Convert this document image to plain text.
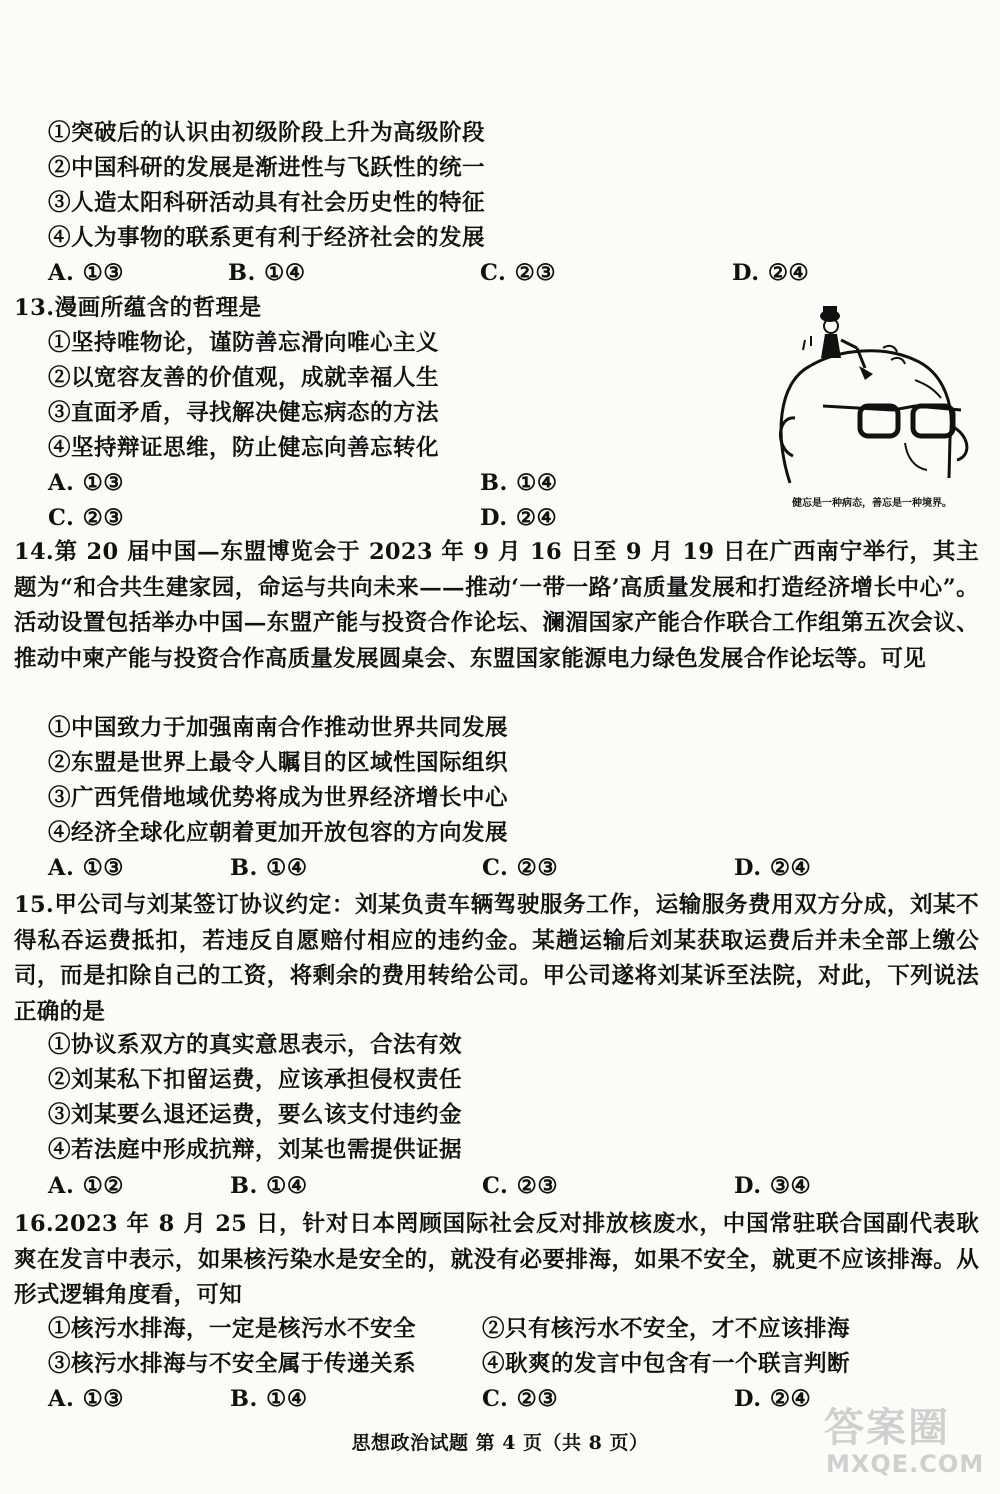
①突破后的认识由初级阶段上升为高级阶段
②中国科研的发展是渐进性与飞跃性的统一
③人造太阳科研活动具有社会历史性的特征
④人为事物的联系更有利于经济社会的发展
A. ①③	B. ①④	C. ②③	D. ②④
13.漫画所蕴含的哲理是
①坚持唯物论，谨防善忘滑向唯心主义
②以宽容友善的价值观，成就幸福人生
③直面矛盾，寻找解决健忘病态的方法
④坚持辩证思维，防止健忘向善忘转化
A. ①③	B. ①④
C. ②③	D. ②④
健忘是一种病态，善忘是一种境界。
14.第 20 届中国—东盟博览会于 2023 年 9 月 16 日至 9 月 19 日在广西南宁举行，其主题为“和合共生建家园，命运与共向未来——推动‘一带一路’高质量发展和打造经济增长中心”。活动设置包括举办中国—东盟产能与投资合作论坛、澜湄国家产能合作联合工作组第五次会议、推动中柬产能与投资合作高质量发展圆桌会、东盟国家能源电力绿色发展合作论坛等。可见
①中国致力于加强南南合作推动世界共同发展
②东盟是世界上最令人瞩目的区域性国际组织
③广西凭借地域优势将成为世界经济增长中心
④经济全球化应朝着更加开放包容的方向发展
A. ①③	B. ①④	C. ②③	D. ②④
15.甲公司与刘某签订协议约定：刘某负责车辆驾驶服务工作，运输服务费用双方分成，刘某不得私吞运费抵扣，若违反自愿赔付相应的违约金。某趟运输后刘某获取运费后并未全部上缴公司，而是扣除自己的工资，将剩余的费用转给公司。甲公司遂将刘某诉至法院，对此，下列说法正确的是
①协议系双方的真实意思表示，合法有效
②刘某私下扣留运费，应该承担侵权责任
③刘某要么退还运费，要么该支付违约金
④若法庭中形成抗辩，刘某也需提供证据
A. ①②	B. ①④	C. ②③	D. ③④
16.2023 年 8 月 25 日，针对日本罔顾国际社会反对排放核废水，中国常驻联合国副代表耿爽在发言中表示，如果核污染水是安全的，就没有必要排海，如果不安全，就更不应该排海。从形式逻辑角度看，可知
①核污水排海，一定是核污水不安全	②只有核污水不安全，才不应该排海
③核污水排海与不安全属于传递关系	④耿爽的发言中包含有一个联言判断
A. ①③	B. ①④	C. ②③	D. ②④
思想政治试题 第 4 页（共 8 页）	答案圈
MXQE.COM
